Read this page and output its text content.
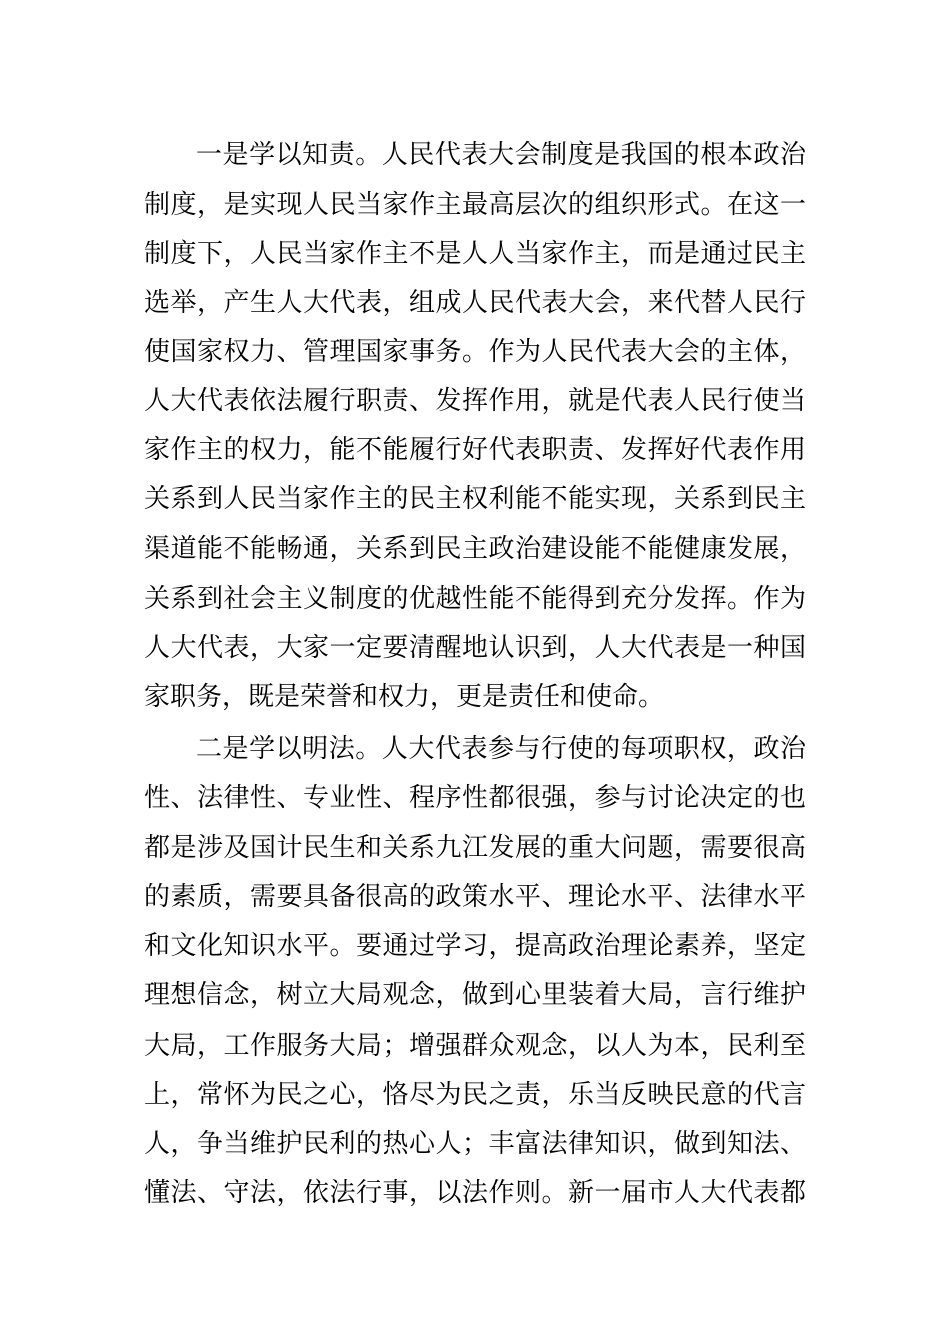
一是学以知责。人民代表大会制度是我国的根本政治
制度，是实现人民当家作主最高层次的组织形式。在这一
制度下，人民当家作主不是人人当家作主，而是通过民主
选举，产生人大代表，组成人民代表大会，来代替人民行
使国家权力、管理国家事务。作为人民代表大会的主体，
人大代表依法履行职责、发挥作用，就是代表人民行使当
家作主的权力，能不能履行好代表职责、发挥好代表作用
关系到人民当家作主的民主权利能不能实现，关系到民主
渠道能不能畅通，关系到民主政治建设能不能健康发展，
关系到社会主义制度的优越性能不能得到充分发挥。作为
人大代表，大家一定要清醒地认识到，人大代表是一种国
家职务，既是荣誉和权力，更是责任和使命。
二是学以明法。人大代表参与行使的每项职权，政治
性、法律性、专业性、程序性都很强，参与讨论决定的也
都是涉及国计民生和关系九江发展的重大问题，需要很高
的素质，需要具备很高的政策水平、理论水平、法律水平
和文化知识水平。要通过学习，提高政治理论素养，坚定
理想信念，树立大局观念，做到心里装着大局，言行维护
大局，工作服务大局；增强群众观念，以人为本，民利至
上，常怀为民之心，恪尽为民之责，乐当反映民意的代言
人，争当维护民利的热心人；丰富法律知识，做到知法、
懂法、守法，依法行事，以法作则。新一届市人大代表都
